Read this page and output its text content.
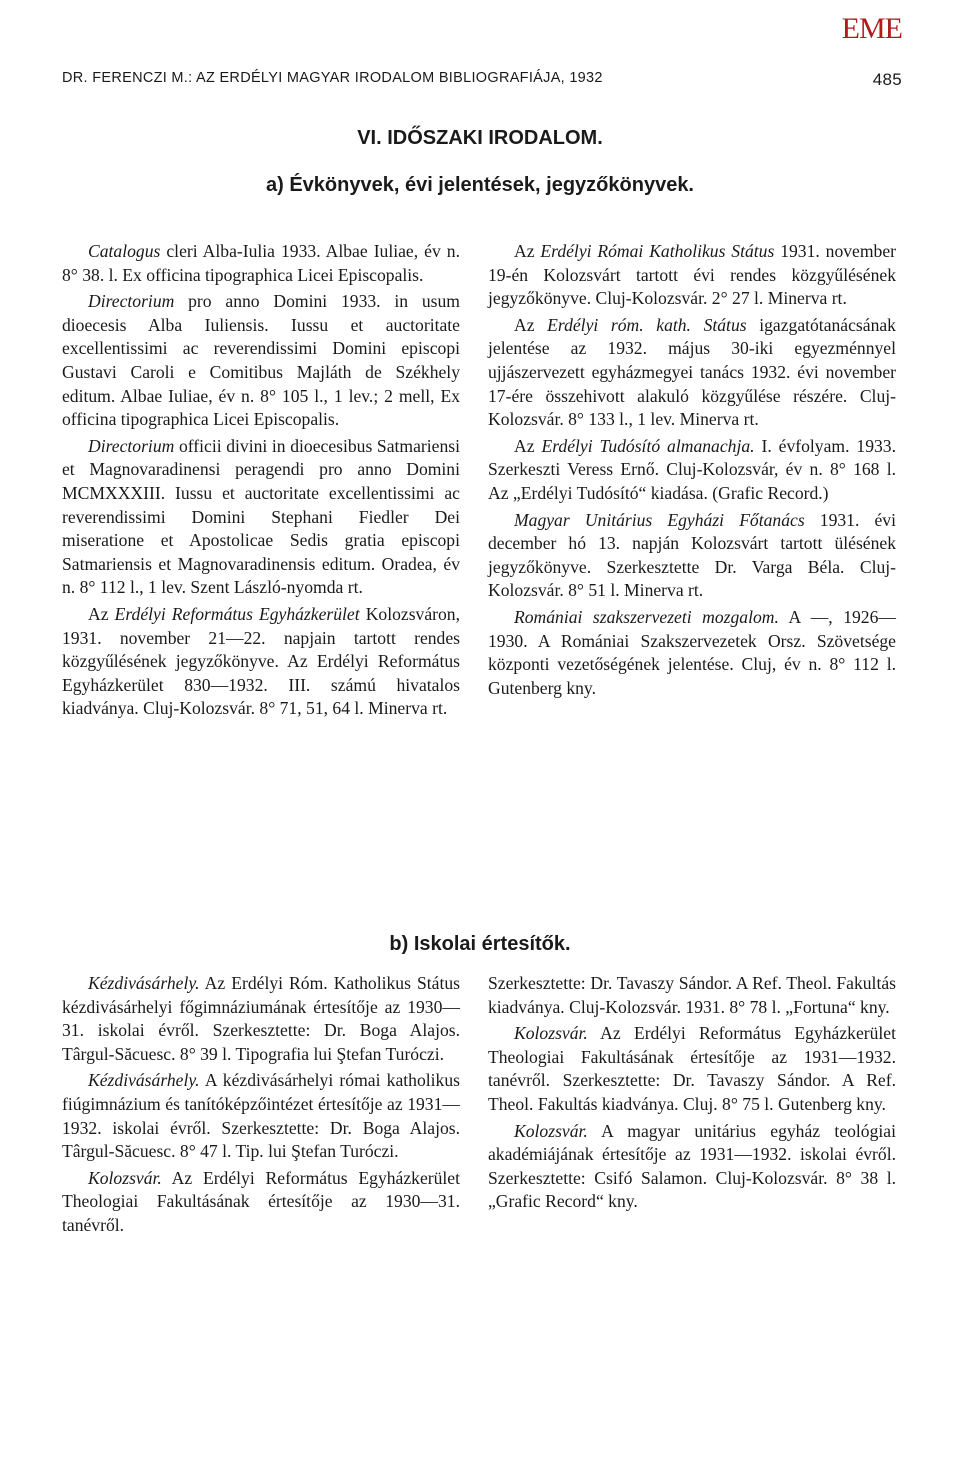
EME
DR. FERENCZI M.: AZ ERDÉLYI MAGYAR IRODALOM BIBLIOGRAFIÁJA, 1932	485
VI. IDŐSZAKI IRODALOM.
a) Évkönyvek, évi jelentések, jegyzőkönyvek.

Catalogus cleri Alba-Iulia 1933. Albae Iuliae, év n. 8° 38. l. Ex officina tipographica Licei Episcopalis.

Directorium pro anno Domini 1933. in usum dioecesis Alba Iuliensis. Iussu et auctoritate excellentissimi ac reverendissimi Domini episcopi Gustavi Caroli e Comitibus Majláth de Székhely editum. Albae Iuliae, év n. 8° 105 l., 1 lev.; 2 mell, Ex officina tipographica Licei Episcopalis.

Directorium officii divini in dioecesibus Satmariensi et Magnovaradinensi peragendi pro anno Domini MCMXXXIII. Iussu et auctoritate excellentissimi ac reverendissimi Domini Stephani Fiedler Dei miseratione et Apostolicae Sedis gratia episcopi Satmariensis et Magnovaradinensis editum. Oradea, év n. 8° 112 l., 1 lev. Szent László-nyomda rt.

Az Erdélyi Református Egyházkerület Kolozsváron, 1931. november 21—22. napjain tartott rendes közgyűlésének jegyzőkönyve. Az Erdélyi Református Egyházkerület 830—1932. III. számú hivatalos kiadványa. Cluj-Kolozsvár. 8° 71, 51, 64 l. Minerva rt.

Az Erdélyi Római Katholikus Státus 1931. november 19-én Kolozsvárt tartott évi rendes közgyűlésének jegyzőkönyve. Cluj-Kolozsvár. 2° 27 l. Minerva rt.

Az Erdélyi róm. kath. Státus igazgatótanácsának jelentése az 1932. május 30-iki egyezménnyel ujjászervezett egyházmegyei tanács 1932. évi november 17-ére összehivott alakuló közgyűlése részére. Cluj-Kolozsvár. 8° 133 l., 1 lev. Minerva rt.

Az Erdélyi Tudósító almanachja. I. évfolyam. 1933. Szerkeszti Veress Ernő. Cluj-Kolozsvár, év n. 8° 168 l. Az „Erdélyi Tudósító“ kiadása. (Grafic Record.)

Magyar Unitárius Egyházi Főtanács 1931. évi december hó 13. napján Kolozsvárt tartott ülésének jegyzőkönyve. Szerkesztette Dr. Varga Béla. Cluj-Kolozsvár. 8° 51 l. Minerva rt.

Romániai szakszervezeti mozgalom. A —, 1926—1930. A Romániai Szakszervezetek Orsz. Szövetsége központi vezetőségének jelentése. Cluj, év n. 8° 112 l. Gutenberg kny.

b) Iskolai értesítők.

Kézdivásárhely. Az Erdélyi Róm. Katholikus Státus kézdivásárhelyi főgimnáziumának értesítője az 1930—31. iskolai évről. Szerkesztette: Dr. Boga Alajos. Târgul-Săcuesc. 8° 39 l. Tipografia lui Ştefan Turóczi.

Kézdivásárhely. A kézdivásárhelyi római katholikus fiúgimnázium és tanítóképzőintézet értesítője az 1931—1932. iskolai évről. Szerkesztette: Dr. Boga Alajos. Târgul-Săcuesc. 8° 47 l. Tip. lui Ştefan Turóczi.

Kolozsvár. Az Erdélyi Református Egyházkerület Theologiai Fakultásának értesítője az 1930—31. tanévről.

Szerkesztette: Dr. Tavaszy Sándor. A Ref. Theol. Fakultás kiadványa. Cluj-Kolozsvár. 1931. 8° 78 l. „Fortuna“ kny.

Kolozsvár. Az Erdélyi Református Egyházkerület Theologiai Fakultásának értesítője az 1931—1932. tanévről. Szerkesztette: Dr. Tavaszy Sándor. A Ref. Theol. Fakultás kiadványa. Cluj. 8° 75 l. Gutenberg kny.

Kolozsvár. A magyar unitárius egyház teológiai akadémiájának értesítője az 1931—1932. iskolai évről. Szerkesztette: Csifó Salamon. Cluj-Kolozsvár. 8° 38 l. „Grafic Record“ kny.
